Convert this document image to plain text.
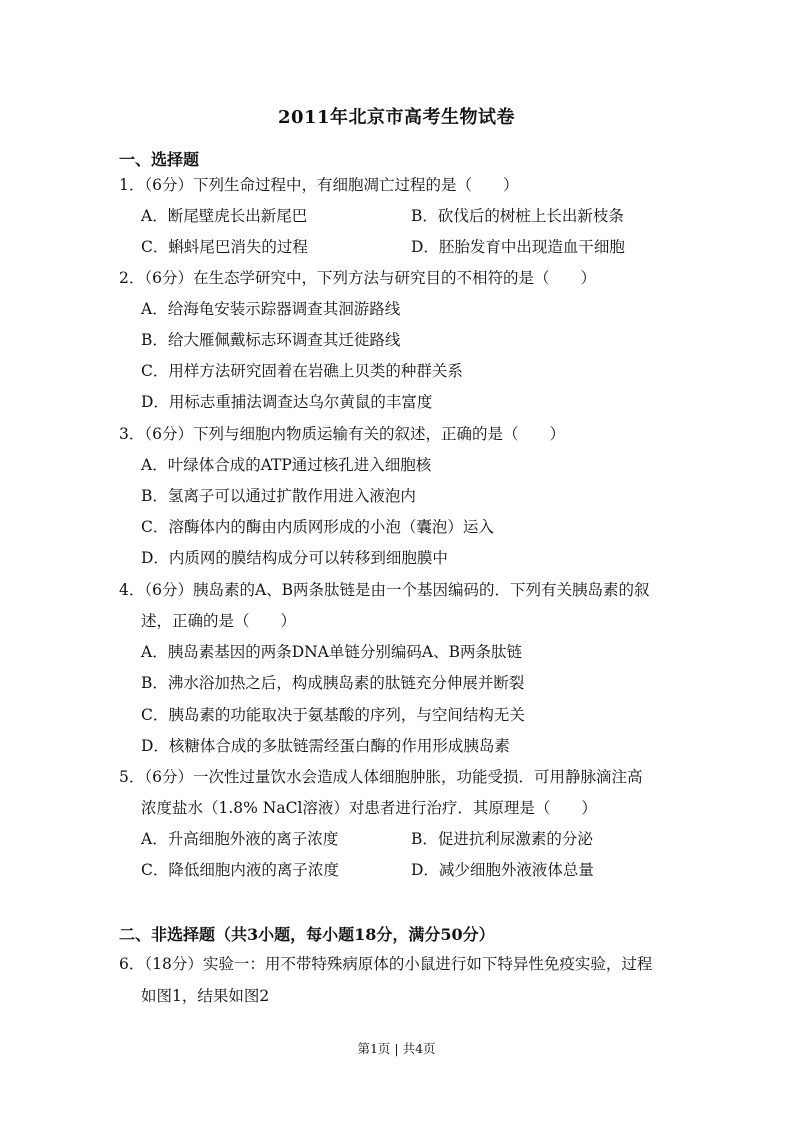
2011年北京市高考生物试卷
一、选择题
1．（6分）下列生命过程中，有细胞凋亡过程的是（　　）
A．断尾壁虎长出新尾巴	B．砍伐后的树桩上长出新枝条
C．蝌蚪尾巴消失的过程	D．胚胎发育中出现造血干细胞
2．（6分）在生态学研究中，下列方法与研究目的不相符的是（　　）
A．给海龟安装示踪器调查其洄游路线
B．给大雁佩戴标志环调查其迁徙路线
C．用样方法研究固着在岩礁上贝类的种群关系
D．用标志重捕法调查达乌尔黄鼠的丰富度
3．（6分）下列与细胞内物质运输有关的叙述，正确的是（　　）
A．叶绿体合成的ATP通过核孔进入细胞核
B．氢离子可以通过扩散作用进入液泡内
C．溶酶体内的酶由内质网形成的小泡（囊泡）运入
D．内质网的膜结构成分可以转移到细胞膜中
4．（6分）胰岛素的A、B两条肽链是由一个基因编码的．下列有关胰岛素的叙
述，正确的是（　　）
A．胰岛素基因的两条DNA单链分别编码A、B两条肽链
B．沸水浴加热之后，构成胰岛素的肽链充分伸展并断裂
C．胰岛素的功能取决于氨基酸的序列，与空间结构无关
D．核糖体合成的多肽链需经蛋白酶的作用形成胰岛素
5．（6分）一次性过量饮水会造成人体细胞肿胀，功能受损．可用静脉滴注高
浓度盐水（1.8% NaCl溶液）对患者进行治疗．其原理是（　　）
A．升高细胞外液的离子浓度	B．促进抗利尿激素的分泌
C．降低细胞内液的离子浓度	D．减少细胞外液液体总量
二、非选择题（共3小题，每小题18分，满分50分）
6．（18分）实验一：用不带特殊病原体的小鼠进行如下特异性免疫实验，过程
如图1，结果如图2
第1页 | 共4页
